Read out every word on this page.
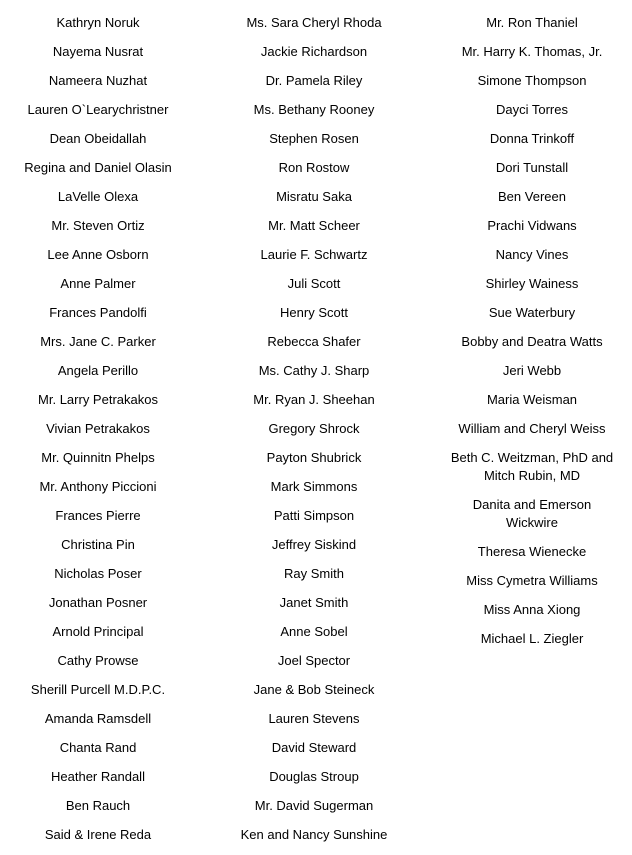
Kathryn Noruk
Nayema Nusrat
Nameera Nuzhat
Lauren O`Learychristner
Dean Obeidallah
Regina and Daniel Olasin
LaVelle Olexa
Mr. Steven Ortiz
Lee Anne Osborn
Anne Palmer
Frances Pandolfi
Mrs. Jane C. Parker
Angela Perillo
Mr. Larry Petrakakos
Vivian Petrakakos
Mr. Quinnitn Phelps
Mr. Anthony Piccioni
Frances Pierre
Christina Pin
Nicholas Poser
Jonathan Posner
Arnold Principal
Cathy Prowse
Sherill Purcell M.D.P.C.
Amanda Ramsdell
Chanta Rand
Heather Randall
Ben Rauch
Said & Irene Reda
Ms. Sara Cheryl Rhoda
Jackie Richardson
Dr. Pamela Riley
Ms. Bethany Rooney
Stephen Rosen
Ron Rostow
Misratu Saka
Mr. Matt Scheer
Laurie F. Schwartz
Juli Scott
Henry Scott
Rebecca Shafer
Ms. Cathy J. Sharp
Mr. Ryan J. Sheehan
Gregory Shrock
Payton Shubrick
Mark Simmons
Patti Simpson
Jeffrey Siskind
Ray Smith
Janet Smith
Anne Sobel
Joel Spector
Jane & Bob Steineck
Lauren Stevens
David Steward
Douglas Stroup
Mr. David Sugerman
Ken and Nancy Sunshine
Mr. Ron Thaniel
Mr. Harry K. Thomas, Jr.
Simone Thompson
Dayci Torres
Donna Trinkoff
Dori Tunstall
Ben Vereen
Prachi Vidwans
Nancy Vines
Shirley Wainess
Sue Waterbury
Bobby and Deatra Watts
Jeri Webb
Maria Weisman
William and Cheryl Weiss
Beth C. Weitzman, PhD and
Mitch Rubin, MD
Danita and Emerson
Wickwire
Theresa Wienecke
Miss Cymetra Williams
Miss Anna Xiong
Michael L. Ziegler
